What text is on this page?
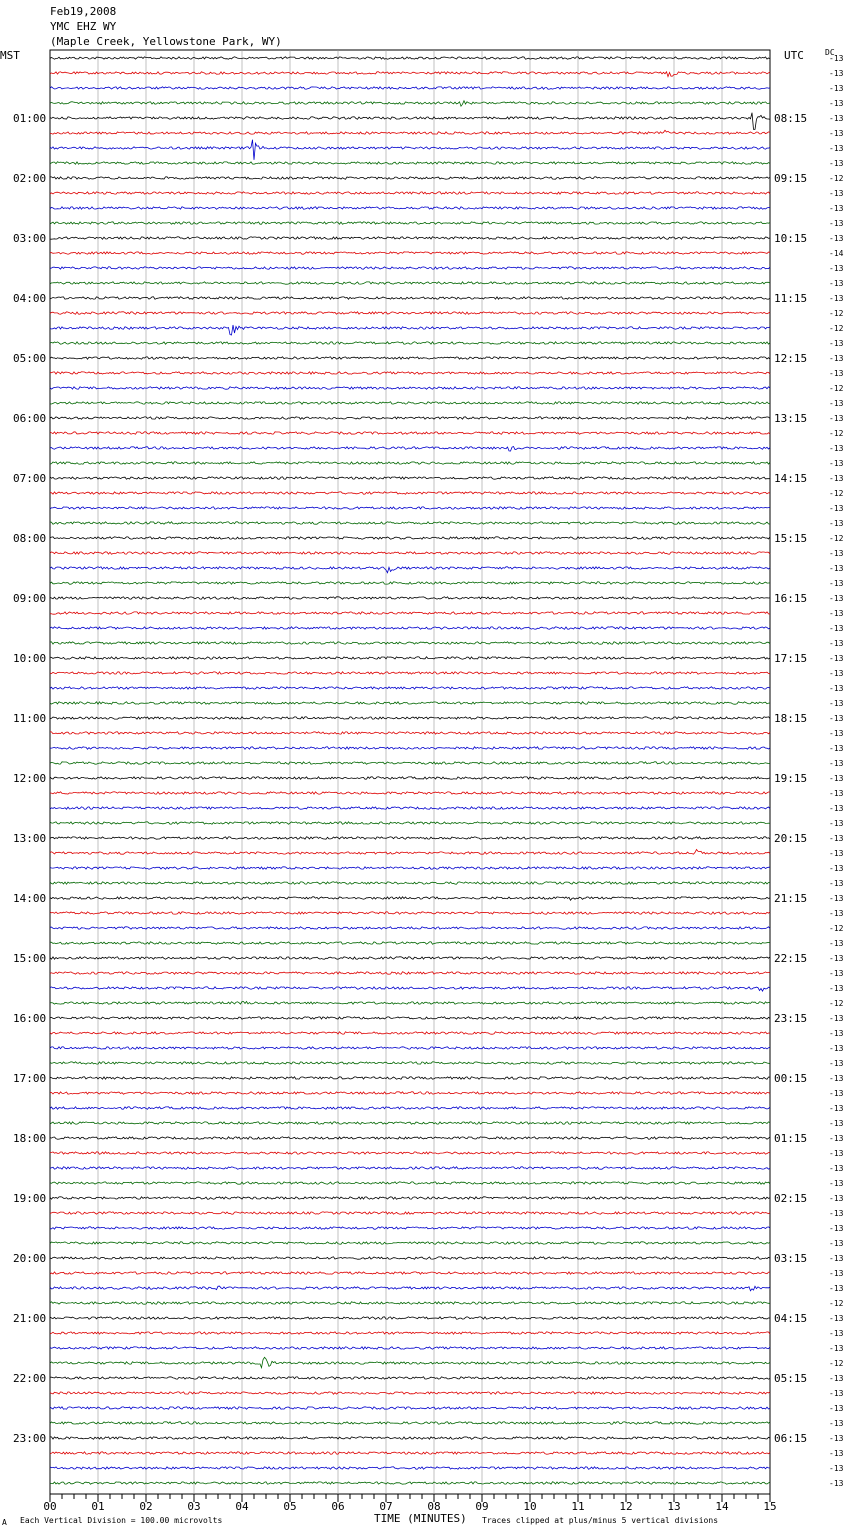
Feb19,2008
YMC EHZ WY
(Maple Creek, Yellowstone Park, WY)
MST	UTC	DC
-13
-13
-13
-13
-13
-13
-13
-13
-12
-13
-13
-13
-13
-14
-13
-13
-13
-12
-12
-13
-13
-13
-12
-13
-13
-12
-13
-13
-13
-12
-13
-13
-12
-13
-13
-13
-13
-13
-13
-13
-13
-13
-13
-13
-13
-13
-13
-13
-13
-13
-13
-13
-13
-13
-13
-13
-13
-13
-12
-13
-13
-13
-13
-12
-13
-13
-13
-13
-13
-13
-13
-13
-13
-13
-13
-13
-13
-13
-13
-13
-13
-13
-13
-12
-13
-13
-13
-12
-13
-13
-13
-13
-13
-13
-13
-13
01:00
02:00
03:00
04:00
05:00
06:00
07:00
08:00
09:00
10:00
11:00
12:00
13:00
14:00
15:00
16:00
17:00
18:00
19:00
20:00
21:00
22:00
23:00
08:15
09:15
10:15
11:15
12:15
13:15
14:15
15:15
16:15
17:15
18:15
19:15
20:15
21:15
22:15
23:15
00:15
01:15
02:15
03:15
04:15
05:15
06:15
00	01	02	03	04	05	06	07	08	09	10	11	12	13	14	15
A Each Vertical Division = 100.00 microvolts	TIME (MINUTES) Traces clipped at plus/minus 5 vertical divisions
